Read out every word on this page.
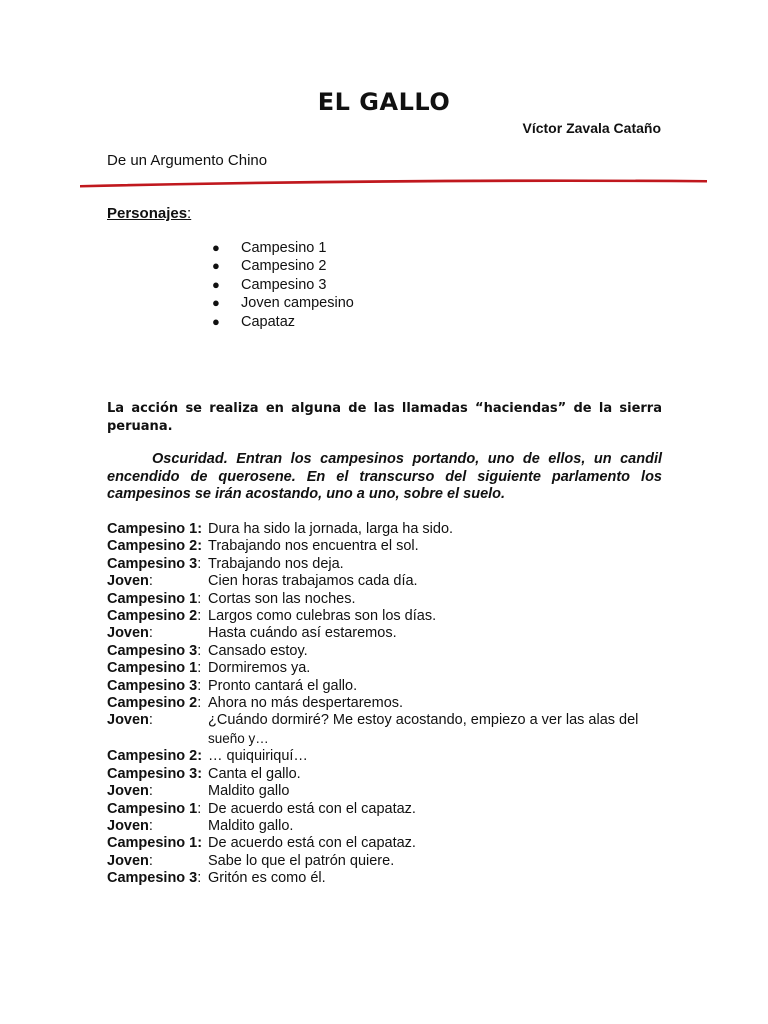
EL GALLO

Víctor Zavala Cataño

De un Argumento Chino

Personajes:

● Campesino 1
● Campesino 2
● Campesino 3
● Joven campesino
● Capataz

La acción se realiza en alguna de las llamadas “haciendas” de la sierra peruana.

Oscuridad. Entran los campesinos portando, uno de ellos, un candil encendido de querosene. En el transcurso del siguiente parlamento los campesinos se irán acostando, uno a uno, sobre el suelo.

Campesino 1: Dura ha sido la jornada, larga ha sido.
Campesino 2: Trabajando nos encuentra el sol.
Campesino 3: Trabajando nos deja.
Joven:	Cien horas trabajamos cada día.
Campesino 1: Cortas son las noches.
Campesino 2: Largos como culebras son los días.
Joven:	Hasta cuándo así estaremos.
Campesino 3: Cansado estoy.
Campesino 1: Dormiremos ya.
Campesino 3: Pronto cantará el gallo.
Campesino 2: Ahora no más despertaremos.
Joven:	¿Cuándo dormiré? Me estoy acostando, empiezo a ver las alas del
sueño y…
Campesino 2: … quiquiriquí…
Campesino 3: Canta el gallo.
Joven:	Maldito gallo
Campesino 1: De acuerdo está con el capataz.
Joven:	Maldito gallo.
Campesino 1: De acuerdo está con el capataz.
Joven:	Sabe lo que el patrón quiere.
Campesino 3: Gritón es como él.
